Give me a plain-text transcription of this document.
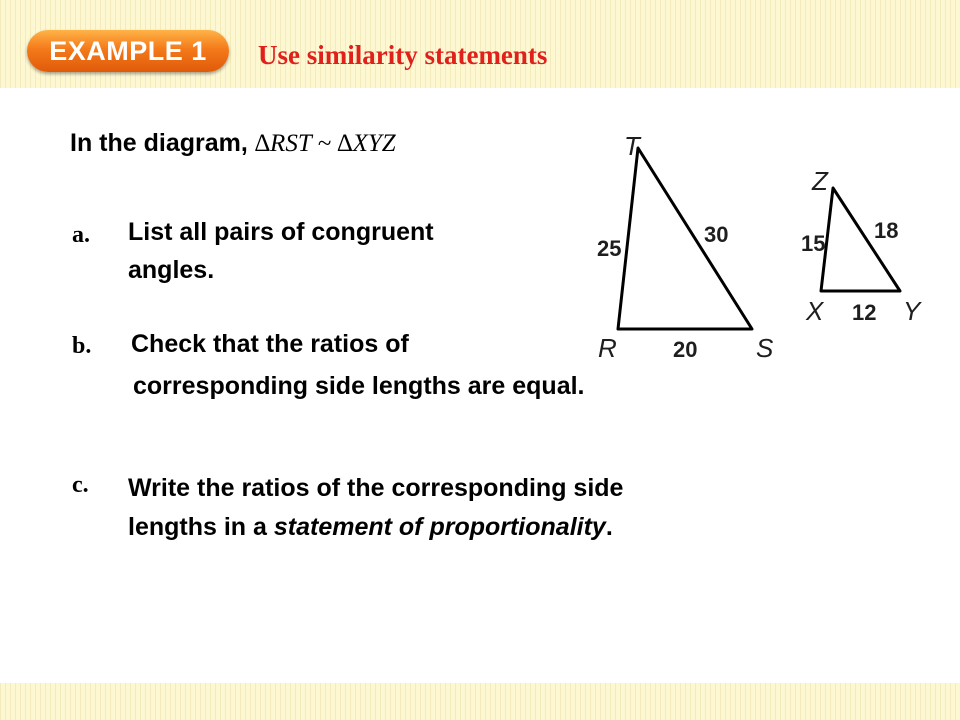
EXAMPLE 1	Use similarity statements
In the diagram, ∆RST ~ ∆XYZ
a. List all pairs of congruent
angles.
b. Check that the ratios of
corresponding side lengths are equal.
c. Write the ratios of the corresponding side
lengths in a statement of proportionality.
T
R	S
25
30
20
Z
X	Y
15
18
12
